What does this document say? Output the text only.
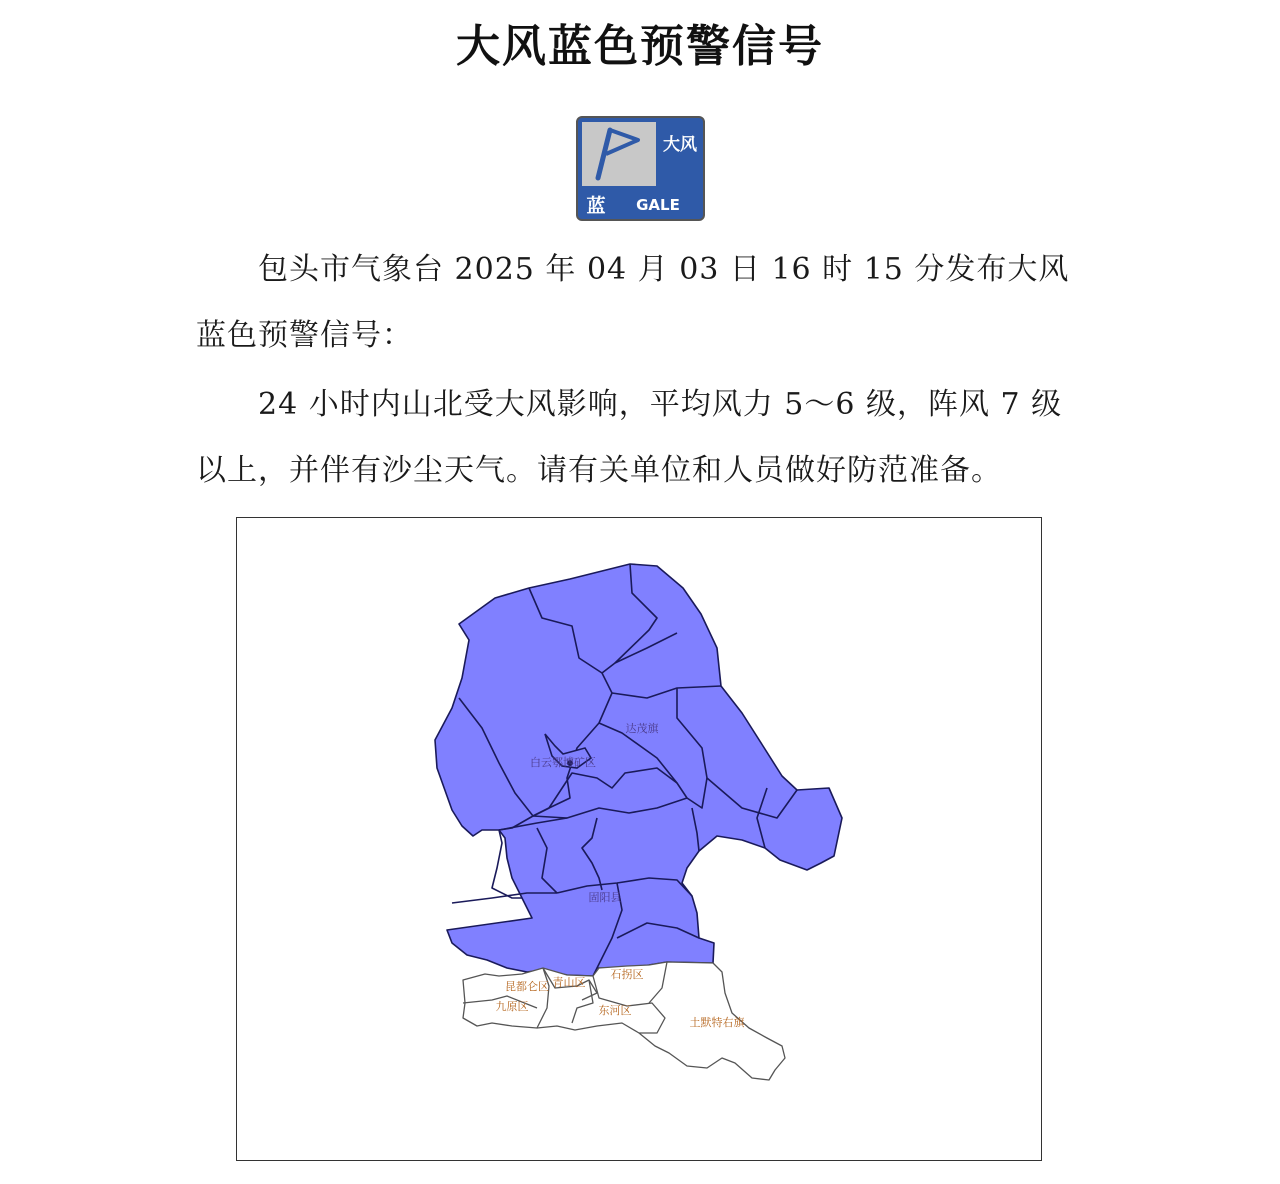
大风蓝色预警信号
大风
蓝 GALE

包头市气象台 2025 年 04 月 03 日 16 时 15 分发布大风蓝色预警信号：

24 小时内山北受大风影响，平均风力 5～6 级，阵风 7 级以上，并伴有沙尘天气。请有关单位和人员做好防范准备。

达茂旗
白云鄂博矿区
固阳县
昆都仑区 青山区
石拐区
九原区	东河区
土默特右旗
